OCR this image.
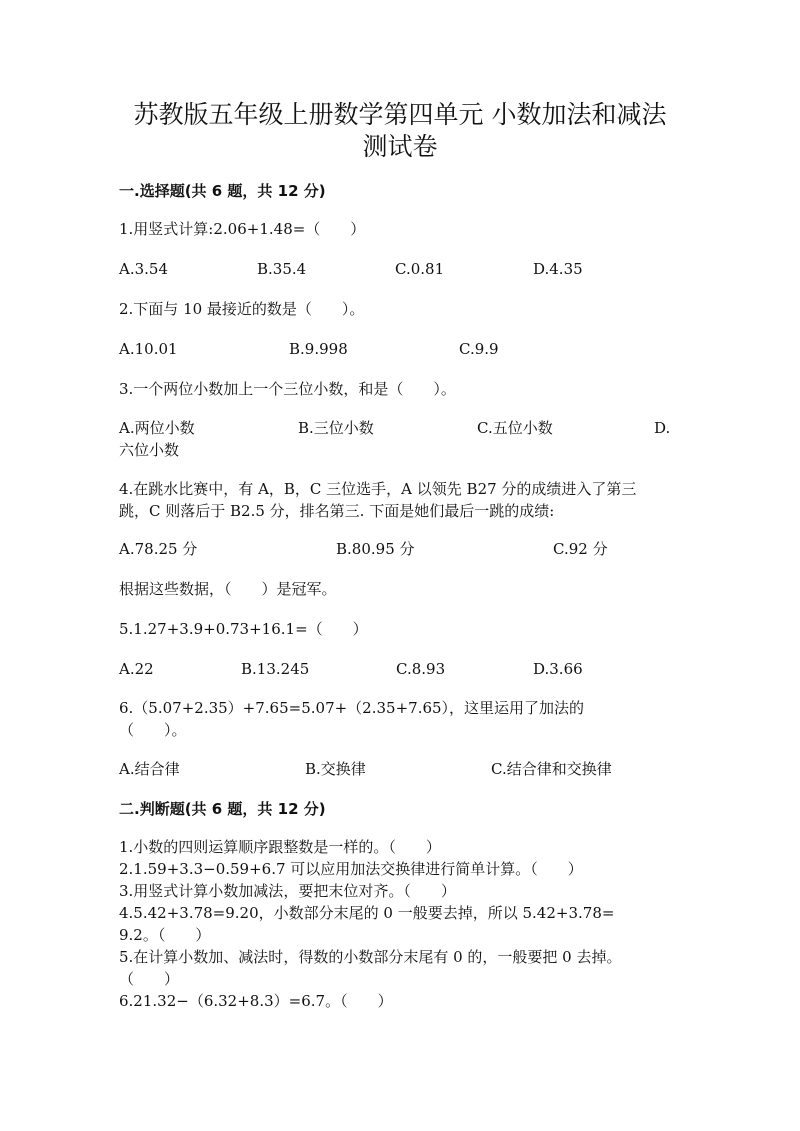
苏教版五年级上册数学第四单元 小数加法和减法
测试卷
一.选择题(共 6 题，共 12 分)
1.用竖式计算:2.06+1.48=（　　）
A.3.54	B.35.4	C.0.81	D.4.35
2.下面与 10 最接近的数是（　　）。
A.10.01	B.9.998	C.9.9
3.一个两位小数加上一个三位小数，和是（　　）。
A.两位小数	B.三位小数	C.五位小数	D.
六位小数
4.在跳水比赛中，有 A，B，C 三位选手，A 以领先 B27 分的成绩进入了第三
跳，C 则落后于 B2.5 分，排名第三. 下面是她们最后一跳的成绩:
A.78.25 分	B.80.95 分	C.92 分
根据这些数据，（　　）是冠军。
5.1.27+3.9+0.73+16.1=（　　）
A.22	B.13.245	C.8.93	D.3.66
6.（5.07+2.35）+7.65=5.07+（2.35+7.65），这里运用了加法的
（　　）。
A.结合律	B.交换律	C.结合律和交换律
二.判断题(共 6 题，共 12 分)
1.小数的四则运算顺序跟整数是一样的。（　　）
2.1.59+3.3−0.59+6.7 可以应用加法交换律进行简单计算。（　　）
3.用竖式计算小数加减法，要把末位对齐。（　　）
4.5.42+3.78=9.20，小数部分末尾的 0 一般要去掉，所以 5.42+3.78=
9.2。（　　）
5.在计算小数加、减法时，得数的小数部分末尾有 0 的，一般要把 0 去掉。
（　　）
6.21.32−（6.32+8.3）=6.7。（　　）
